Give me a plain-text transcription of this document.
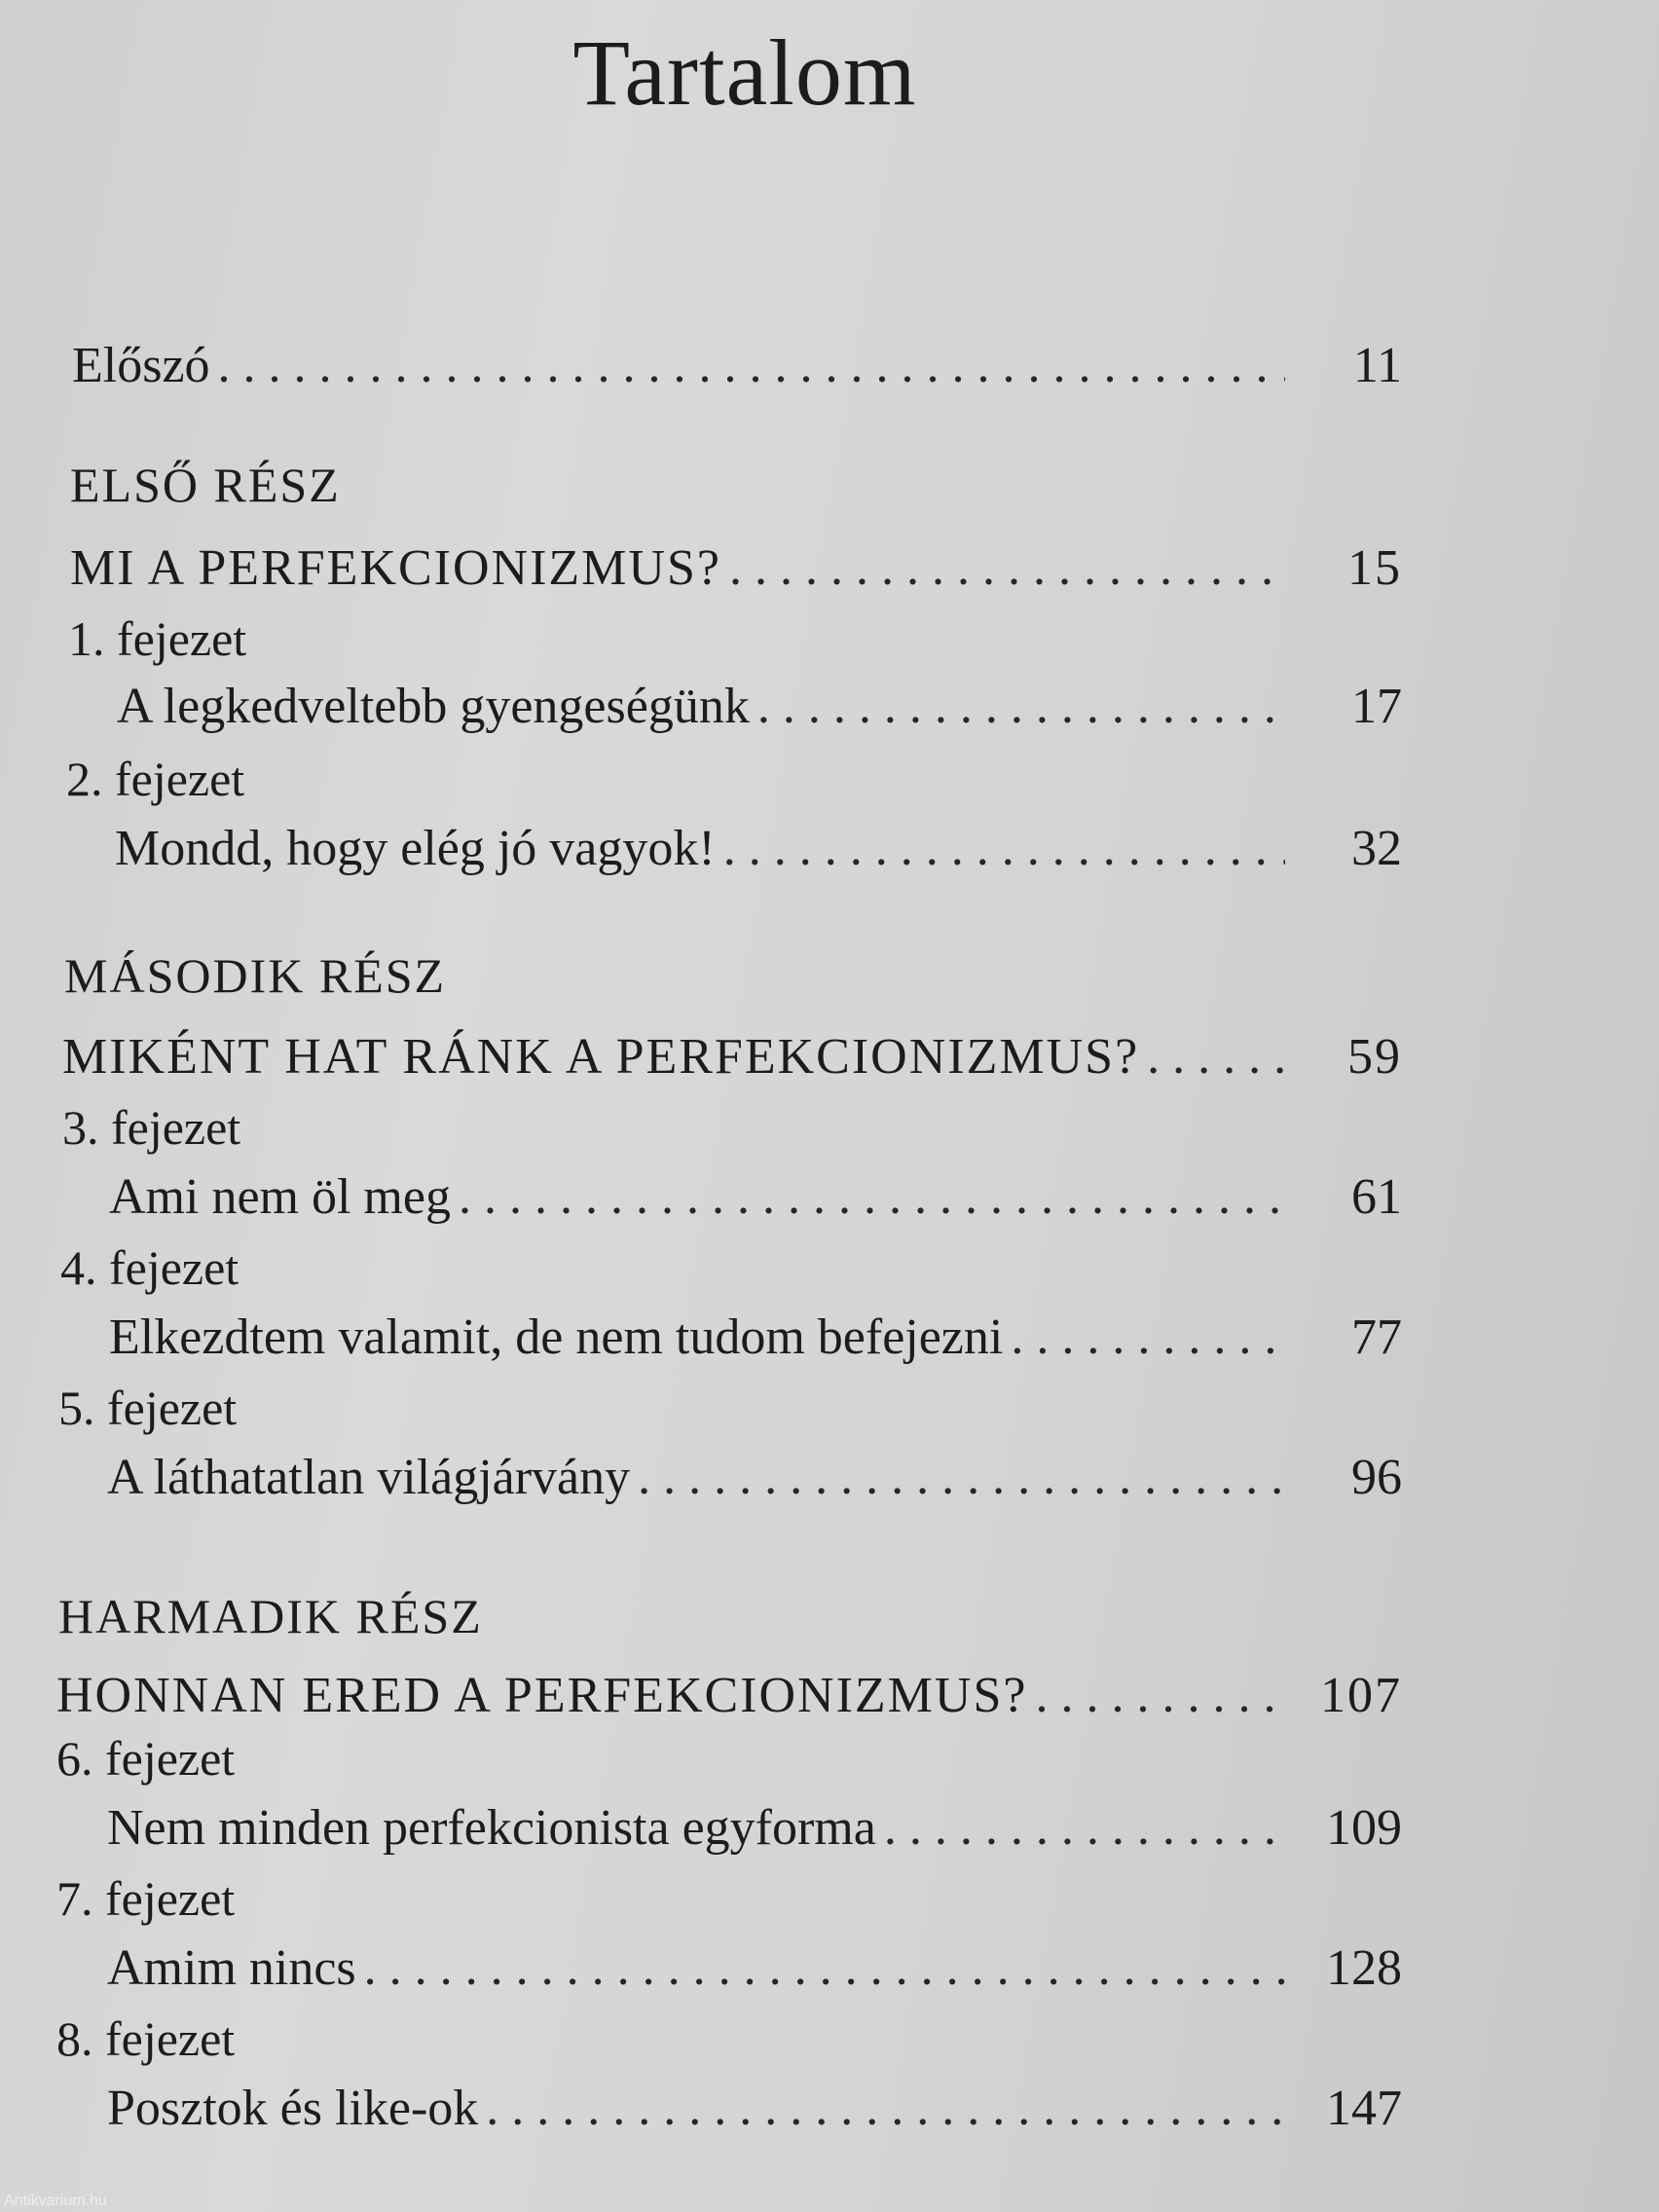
Tartalom
Előszó . . .	11
ELSŐ RÉSZ
MI A PERFEKCIONIZMUS? . . .	15
1. fejezet
A legkedveltebb gyengeségünk . . .	17
2. fejezet
Mondd, hogy elég jó vagyok! . . .	32
MÁSODIK RÉSZ
MIKÉNT HAT RÁNK A PERFEKCIONIZMUS? . . .	59
3. fejezet
Ami nem öl meg . . .	61
4. fejezet
Elkezdtem valamit, de nem tudom befejezni . . .	77
5. fejezet
A láthatatlan világjárvány . . .	96
HARMADIK RÉSZ
HONNAN ERED A PERFEKCIONIZMUS? . . .	107
6. fejezet
Nem minden perfekcionista egyforma . . .	109
7. fejezet
Amim nincs . . .	128
8. fejezet
Posztok és like-ok . . .	147
Antikvarium.hu
